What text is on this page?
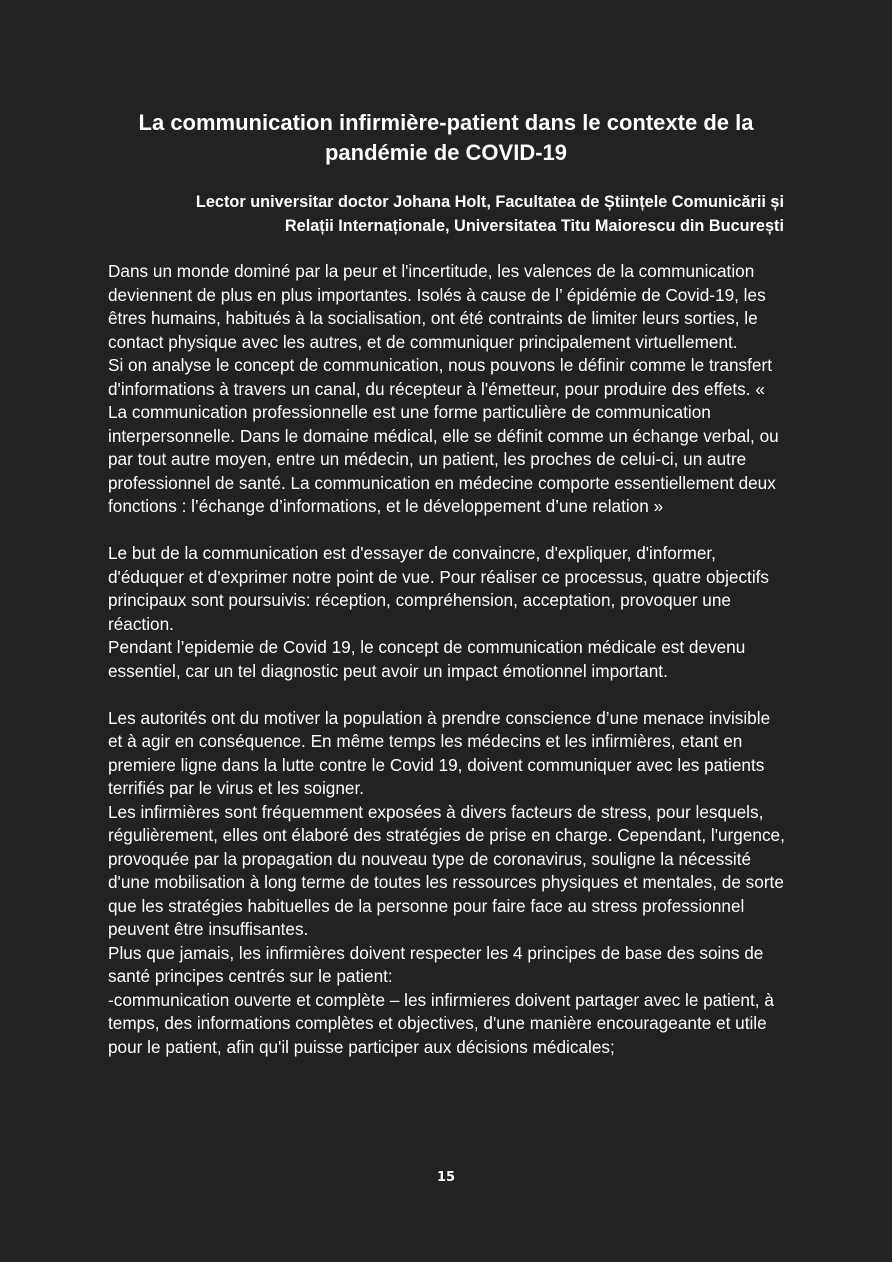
La communication infirmière-patient dans le contexte de la pandémie de COVID-19
Lector universitar doctor Johana Holt, Facultatea de Științele Comunicării și
Relații Internaționale, Universitatea Titu Maiorescu din București

Dans un monde dominé par la peur et l'incertitude, les valences de la communication deviennent de plus en plus importantes. Isolés à cause de l’ épidémie de Covid-19, les êtres humains, habitués à la socialisation, ont été contraints de limiter leurs sorties, le contact physique avec les autres, et de communiquer principalement virtuellement.

Si on analyse le concept de communication, nous pouvons le définir comme le transfert d'informations à travers un canal, du récepteur à l'émetteur, pour produire des effets. « La communication professionnelle est une forme particulière de communication interpersonnelle. Dans le domaine médical, elle se définit comme un échange verbal, ou par tout autre moyen, entre un médecin, un patient, les proches de celui-ci, un autre professionnel de santé. La communication en médecine comporte essentiellement deux fonctions : l’échange d’informations, et le développement d’une relation »

Le but de la communication est d'essayer de convaincre, d'expliquer, d'informer, d'éduquer et d'exprimer notre point de vue. Pour réaliser ce processus, quatre objectifs principaux sont poursuivis: réception, compréhension, acceptation, provoquer une réaction.

Pendant l’epidemie de Covid 19, le concept de communication médicale est devenu essentiel, car un tel diagnostic peut avoir un impact émotionnel important.

Les autorités ont du motiver la population à prendre conscience d’une menace invisible et à agir en conséquence. En même temps les médecins et les infirmières, etant en premiere ligne dans la lutte contre le Covid 19, doivent communiquer avec les patients terrifiés par le virus et les soigner.

Les infirmières sont fréquemment exposées à divers facteurs de stress, pour lesquels, régulièrement, elles ont élaboré des stratégies de prise en charge. Cependant, l'urgence, provoquée par la propagation du nouveau type de coronavirus, souligne la nécessité d'une mobilisation à long terme de toutes les ressources physiques et mentales, de sorte que les stratégies habituelles de la personne pour faire face au stress professionnel peuvent être insuffisantes.

Plus que jamais, les infirmières doivent respecter les 4 principes de base des soins de santé principes centrés sur le patient:

-communication ouverte et complète – les infirmieres doivent partager avec le patient, à temps, des informations complètes et objectives, d'une manière encourageante et utile pour le patient, afin qu'il puisse participer aux décisions médicales;

15
